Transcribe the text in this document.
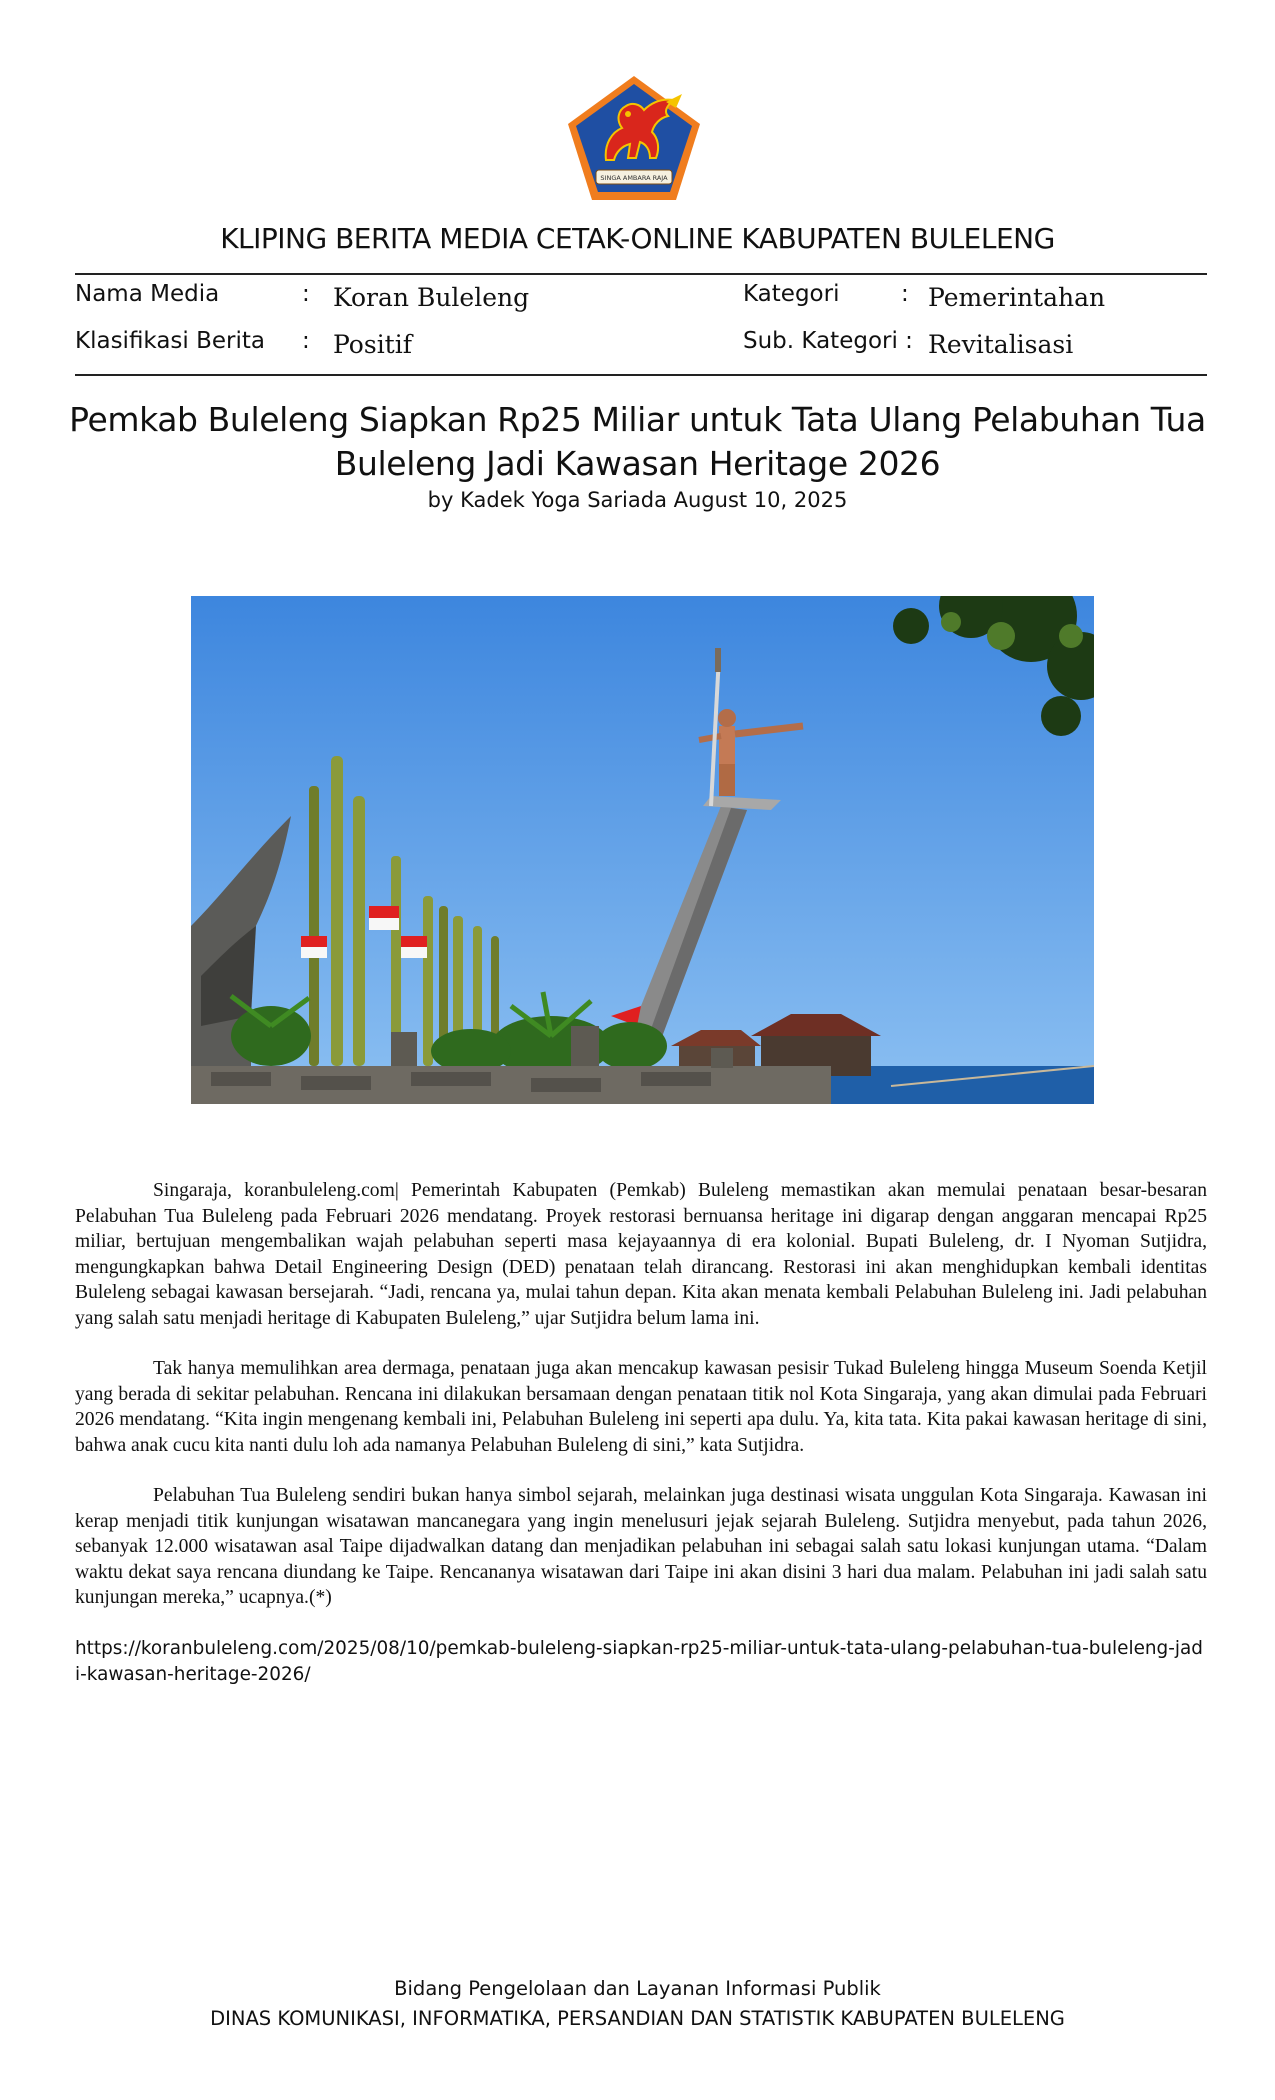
SINGA AMBARA RAJA
KLIPING BERITA MEDIA CETAK-ONLINE KABUPATEN BULELENG
Nama Media	: Koran Buleleng	Kategori	: Pemerintahan
Klasifikasi Berita : Positif	Sub. Kategori : Revitalisasi
Pemkab Buleleng Siapkan Rp25 Miliar untuk Tata Ulang Pelabuhan Tua Buleleng Jadi Kawasan Heritage 2026
by Kadek Yoga Sariada August 10, 2025

Singaraja, koranbuleleng.com| Pemerintah Kabupaten (Pemkab) Buleleng memastikan akan memulai penataan besar-besaran Pelabuhan Tua Buleleng pada Februari 2026 mendatang. Proyek restorasi bernuansa heritage ini digarap dengan anggaran mencapai Rp25 miliar, bertujuan mengembalikan wajah pelabuhan seperti masa kejayaannya di era kolonial. Bupati Buleleng, dr. I Nyoman Sutjidra, mengungkapkan bahwa Detail Engineering Design (DED) penataan telah dirancang. Restorasi ini akan menghidupkan kembali identitas Buleleng sebagai kawasan bersejarah. “Jadi, rencana ya, mulai tahun depan. Kita akan menata kembali Pelabuhan Buleleng ini. Jadi pelabuhan yang salah satu menjadi heritage di Kabupaten Buleleng,” ujar Sutjidra belum lama ini.

Tak hanya memulihkan area dermaga, penataan juga akan mencakup kawasan pesisir Tukad Buleleng hingga Museum Soenda Ketjil yang berada di sekitar pelabuhan. Rencana ini dilakukan bersamaan dengan penataan titik nol Kota Singaraja, yang akan dimulai pada Februari 2026 mendatang. “Kita ingin mengenang kembali ini, Pelabuhan Buleleng ini seperti apa dulu. Ya, kita tata. Kita pakai kawasan heritage di sini, bahwa anak cucu kita nanti dulu loh ada namanya Pelabuhan Buleleng di sini,” kata Sutjidra.

Pelabuhan Tua Buleleng sendiri bukan hanya simbol sejarah, melainkan juga destinasi wisata unggulan Kota Singaraja. Kawasan ini kerap menjadi titik kunjungan wisatawan mancanegara yang ingin menelusuri jejak sejarah Buleleng. Sutjidra menyebut, pada tahun 2026, sebanyak 12.000 wisatawan asal Taipe dijadwalkan datang dan menjadikan pelabuhan ini sebagai salah satu lokasi kunjungan utama. “Dalam waktu dekat saya rencana diundang ke Taipe. Rencananya wisatawan dari Taipe ini akan disini 3 hari dua malam. Pelabuhan ini jadi salah satu kunjungan mereka,” ucapnya.(*)

https://koranbuleleng.com/2025/08/10/pemkab-buleleng-siapkan-rp25-miliar-untuk-tata-ulang-pelabuhan-tua-buleleng-jadi-kawasan-heritage-2026/
Bidang Pengelolaan dan Layanan Informasi Publik
DINAS KOMUNIKASI, INFORMATIKA, PERSANDIAN DAN STATISTIK KABUPATEN BULELENG
